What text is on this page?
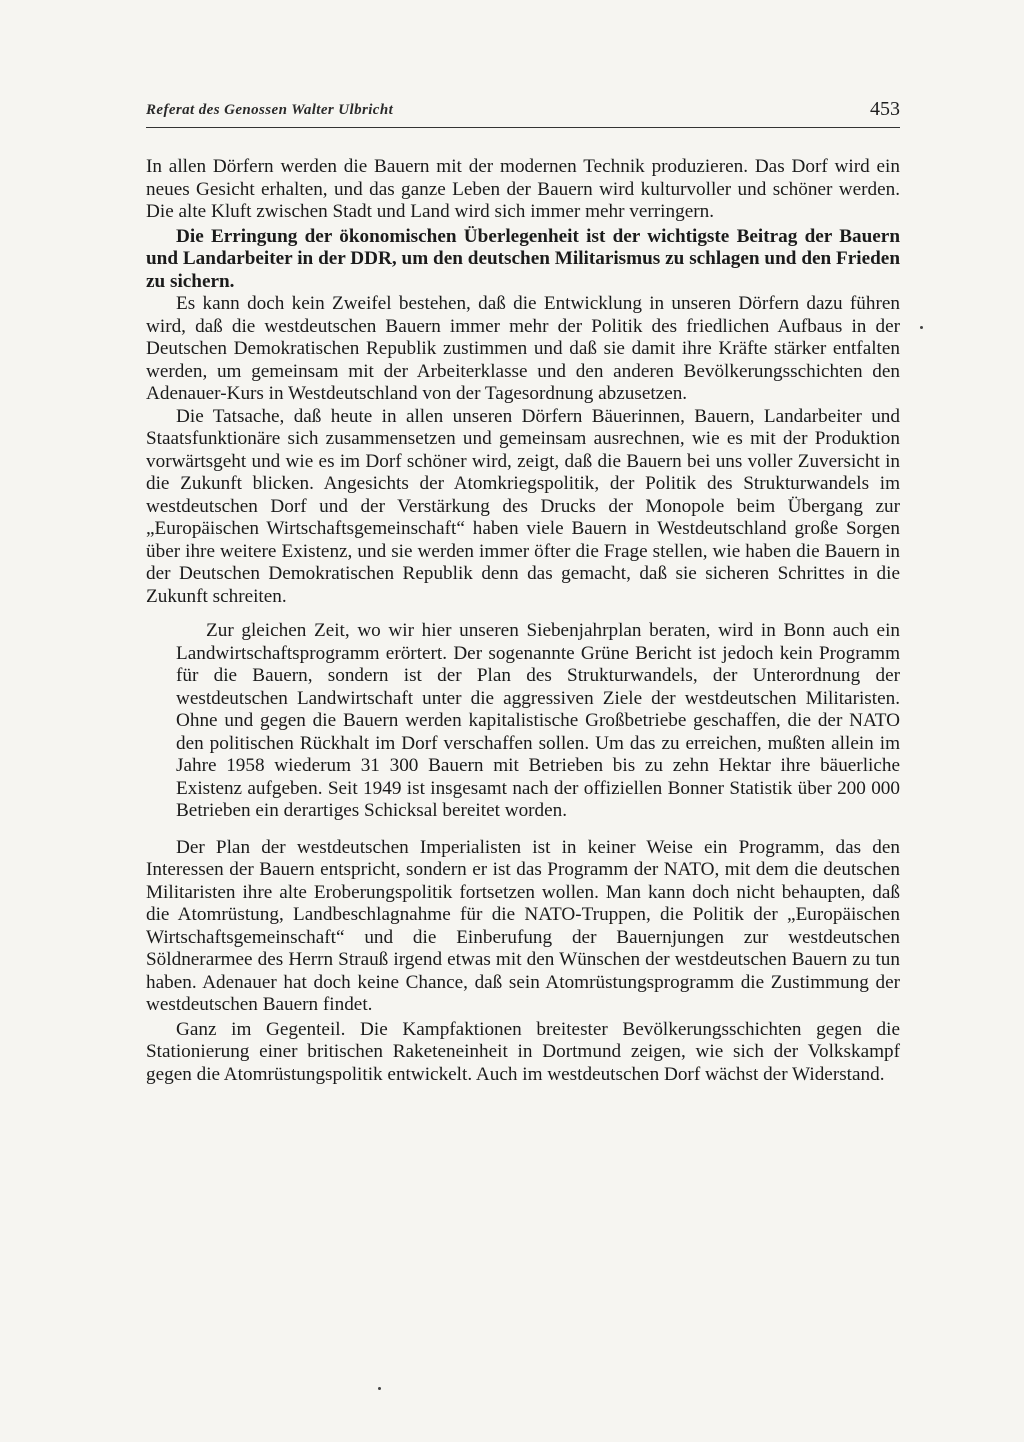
Referat des Genossen Walter Ulbricht	453

In allen Dörfern werden die Bauern mit der modernen Technik produzieren. Das Dorf wird ein neues Gesicht erhalten, und das ganze Leben der Bauern wird kulturvoller und schöner werden. Die alte Kluft zwischen Stadt und Land wird sich immer mehr verringern.

Die Erringung der ökonomischen Überlegenheit ist der wichtigste Beitrag der Bauern und Landarbeiter in der DDR, um den deutschen Militarismus zu schlagen und den Frieden zu sichern.

Es kann doch kein Zweifel bestehen, daß die Entwicklung in unseren Dörfern dazu führen wird, daß die westdeutschen Bauern immer mehr der Politik des friedlichen Aufbaus in der Deutschen Demokratischen Republik zustimmen und daß sie damit ihre Kräfte stärker entfalten werden, um gemeinsam mit der Arbeiterklasse und den anderen Bevölkerungsschichten den Adenauer-Kurs in Westdeutschland von der Tagesordnung abzusetzen.

Die Tatsache, daß heute in allen unseren Dörfern Bäuerinnen, Bauern, Landarbeiter und Staatsfunktionäre sich zusammensetzen und gemeinsam ausrechnen, wie es mit der Produktion vorwärtsgeht und wie es im Dorf schöner wird, zeigt, daß die Bauern bei uns voller Zuversicht in die Zukunft blicken. Angesichts der Atomkriegspolitik, der Politik des Strukturwandels im westdeutschen Dorf und der Verstärkung des Drucks der Monopole beim Übergang zur „Europäischen Wirtschaftsgemeinschaft“ haben viele Bauern in Westdeutschland große Sorgen über ihre weitere Existenz, und sie werden immer öfter die Frage stellen, wie haben die Bauern in der Deutschen Demokratischen Republik denn das gemacht, daß sie sicheren Schrittes in die Zukunft schreiten.

Zur gleichen Zeit, wo wir hier unseren Siebenjahrplan beraten, wird in Bonn auch ein Landwirtschaftsprogramm erörtert. Der sogenannte Grüne Bericht ist jedoch kein Programm für die Bauern, sondern ist der Plan des Strukturwandels, der Unterordnung der westdeutschen Landwirtschaft unter die aggressiven Ziele der westdeutschen Militaristen. Ohne und gegen die Bauern werden kapitalistische Großbetriebe geschaffen, die der NATO den politischen Rückhalt im Dorf verschaffen sollen. Um das zu erreichen, mußten allein im Jahre 1958 wiederum 31 300 Bauern mit Betrieben bis zu zehn Hektar ihre bäuerliche Existenz aufgeben. Seit 1949 ist insgesamt nach der offiziellen Bonner Statistik über 200 000 Betrieben ein derartiges Schicksal bereitet worden.

Der Plan der westdeutschen Imperialisten ist in keiner Weise ein Programm, das den Interessen der Bauern entspricht, sondern er ist das Programm der NATO, mit dem die deutschen Militaristen ihre alte Eroberungspolitik fortsetzen wollen. Man kann doch nicht behaupten, daß die Atomrüstung, Landbeschlagnahme für die NATO-Truppen, die Politik der „Europäischen Wirtschaftsgemeinschaft“ und die Einberufung der Bauernjungen zur westdeutschen Söldnerarmee des Herrn Strauß irgend etwas mit den Wünschen der westdeutschen Bauern zu tun haben. Adenauer hat doch keine Chance, daß sein Atomrüstungsprogramm die Zustimmung der westdeutschen Bauern findet.

Ganz im Gegenteil. Die Kampfaktionen breitester Bevölkerungsschichten gegen die Stationierung einer britischen Raketeneinheit in Dortmund zeigen, wie sich der Volkskampf gegen die Atomrüstungspolitik entwickelt. Auch im westdeutschen Dorf wächst der Widerstand.
